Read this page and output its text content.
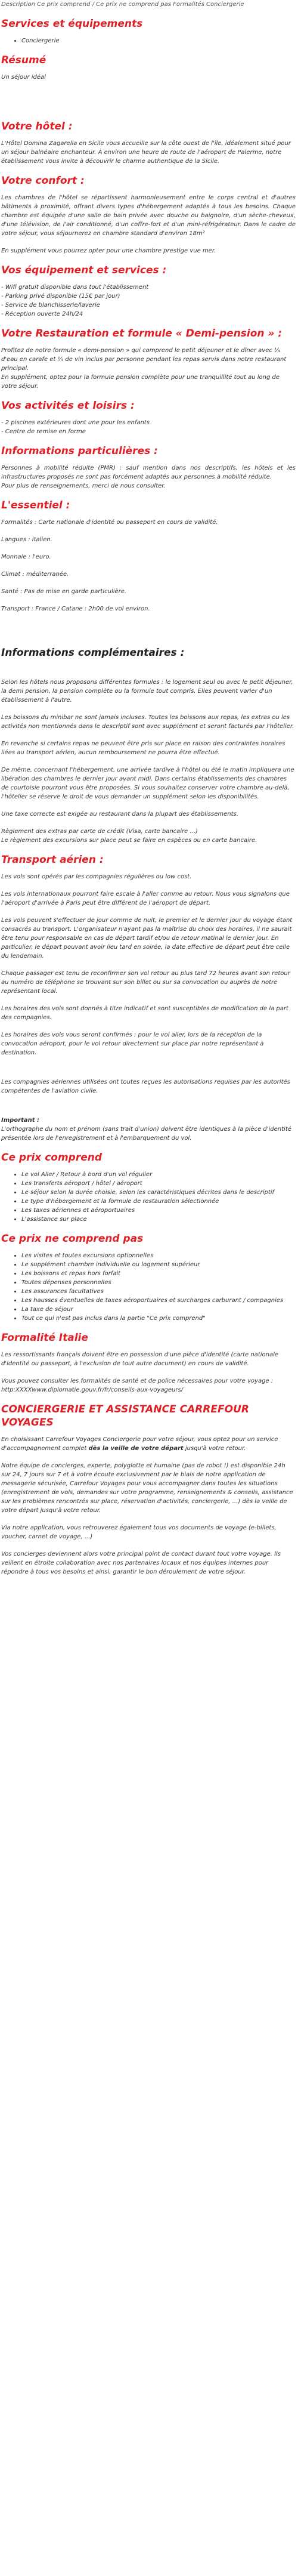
Description Ce prix comprend / Ce prix ne comprend pas Formalités Conciergerie

Services et équipements
• Conciergerie
Résumé

Un séjour idéal

Votre hôtel :

L'Hôtel Domina Zagarella en Sicile vous accueille sur la côte ouest de l'île, idéalement situé pour un séjour balnéaire enchanteur. À environ une heure de route de l'aéroport de Palerme, notre établissement vous invite à découvrir le charme authentique de la Sicile.

Votre confort :

Les chambres de l'hôtel se répartissent harmonieusement entre le corps central et d'autres bâtiments à proximité, offrant divers types d'hébergement adaptés à tous les besoins. Chaque chambre est équipée d'une salle de bain privée avec douche ou baignoire, d'un sèche-cheveux, d'une télévision, de l'air conditionné, d'un coffre-fort et d'un mini-réfrigérateur. Dans le cadre de votre séjour, vous séjournerez en chambre standard d'environ 18m²

En supplément vous pourrez opter pour une chambre prestige vue mer.

Vos équipement et services :

- Wifi gratuit disponible dans tout l'établissement
- Parking privé disponible (15€ par jour)
- Service de blanchisserie/laverie
- Réception ouverte 24h/24

Votre Restauration et formule « Demi-pension » :

Profitez de notre formule « demi-pension » qui comprend le petit déjeuner et le dîner avec ¼ d'eau en carafe et ¼ de vin inclus par personne pendant les repas servis dans notre restaurant principal.
En supplément, optez pour la formule pension complète pour une tranquillité tout au long de votre séjour.

Vos activités et loisirs :

- 2 piscines extérieures dont une pour les enfants
- Centre de remise en forme

Informations particulières :

Personnes à mobilité réduite (PMR) : sauf mention dans nos descriptifs, les hôtels et les infrastructures proposés ne sont pas forcément adaptés aux personnes à mobilité réduite.
Pour plus de renseignements, merci de nous consulter.

L'essentiel :

Formalités : Carte nationale d'identité ou passeport en cours de validité.

Langues : italien.

Monnaie : l'euro.

Climat : méditerranée.

Santé : Pas de mise en garde particulière.

Transport : France / Catane : 2h00 de vol environ.

Informations complémentaires :

Selon les hôtels nous proposons différentes formules : le logement seul ou avec le petit déjeuner, la demi pension, la pension complète ou la formule tout compris. Elles peuvent varier d'un établissement à l'autre.

Les boissons du minibar ne sont jamais incluses. Toutes les boissons aux repas, les extras ou les activités non mentionnés dans le descriptif sont avec supplément et seront facturés par l'hôtelier.

En revanche si certains repas ne peuvent être pris sur place en raison des contraintes horaires liées au transport aérien, aucun remboursement ne pourra être effectué.

De même, concernant l'hébergement, une arrivée tardive à l'hôtel ou été le matin impliquera une libération des chambres le dernier jour avant midi. Dans certains établissements des chambres de courtoisie pourront vous être proposées. Si vous souhaitez conserver votre chambre au-delà, l'hôtelier se réserve le droit de vous demander un supplément selon les disponibilités.

Une taxe correcte est exigée au restaurant dans la plupart des établissements.

Règlement des extras par carte de crédit (Visa, carte bancaire ...)
Le règlement des excursions sur place peut se faire en espèces ou en carte bancaire.

Transport aérien :

Les vols sont opérés par les compagnies régulières ou low cost.

Les vols internationaux pourront faire escale à l'aller comme au retour. Nous vous signalons que l'aéroport d'arrivée à Paris peut être différent de l'aéroport de départ.

Les vols peuvent s'effectuer de jour comme de nuit, le premier et le dernier jour du voyage étant consacrés au transport. L'organisateur n'ayant pas la maîtrise du choix des horaires, il ne saurait être tenu pour responsable en cas de départ tardif et/ou de retour matinal le dernier jour. En particulier, le départ pouvant avoir lieu tard en soirée, la date effective de départ peut être celle du lendemain.

Chaque passager est tenu de reconfirmer son vol retour au plus tard 72 heures avant son retour au numéro de téléphone se trouvant sur son billet ou sur sa convocation ou auprès de notre représentant local.

Les horaires des vols sont donnés à titre indicatif et sont susceptibles de modification de la part des compagnies.

Les horaires des vols vous seront confirmés : pour le vol aller, lors de la réception de la convocation aéroport, pour le vol retour directement sur place par notre représentant à destination.

Les compagnies aériennes utilisées ont toutes reçues les autorisations requises par les autorités compétentes de l'aviation civile.

Important :
L'orthographe du nom et prénom (sans trait d'union) doivent être identiques à la pièce d'identité présentée lors de l'enregistrement et à l'embarquement du vol.

Ce prix comprend
• Le vol Aller / Retour à bord d'un vol régulier
• Les transferts aéroport / hôtel / aéroport
• Le séjour selon la durée choisie, selon les caractéristiques décrites dans le descriptif
• Le type d'hébergement et la formule de restauration sélectionnée
• Les taxes aériennes et aéroportuaires
• L'assistance sur place
Ce prix ne comprend pas
• Les visites et toutes excursions optionnelles
• Le supplément chambre individuelle ou logement supérieur
• Les boissons et repas hors forfait
• Toutes dépenses personnelles
• Les assurances facultatives
• Les hausses éventuelles de taxes aéroportuaires et surcharges carburant / compagnies
• La taxe de séjour
• Tout ce qui n'est pas inclus dans la partie "Ce prix comprend"
Formalité Italie

Les ressortissants français doivent être en possession d'une pièce d'identité (carte nationale d'identité ou passeport, à l'exclusion de tout autre document) en cours de validité.

Vous pouvez consulter les formalités de santé et de police nécessaires pour votre voyage : http:XXXXwww.diplomatie.gouv.fr/fr/conseils-aux-voyageurs/

CONCIERGERIE ET ASSISTANCE CARREFOUR VOYAGES

En choisissant Carrefour Voyages Conciergerie pour votre séjour, vous optez pour un service d'accompagnement complet dès la veille de votre départ jusqu'à votre retour.

Notre équipe de concierges, experte, polyglotte et humaine (pas de robot !) est disponible 24h sur 24, 7 jours sur 7 et à votre écoute exclusivement par le biais de notre application de messagerie sécurisée, Carrefour Voyages pour vous accompagner dans toutes les situations (enregistrement de vols, demandes sur votre programme, renseignements & conseils, assistance sur les problèmes rencontrés sur place, réservation d'activités, conciergerie, ...) dès la veille de votre départ jusqu'à votre retour.

Via notre application, vous retrouverez également tous vos documents de voyage (e-billets, voucher, carnet de voyage, ...)

Vos concierges deviennent alors votre principal point de contact durant tout votre voyage. Ils veillent en étroite collaboration avec nos partenaires locaux et nos équipes internes pour répondre à tous vos besoins et ainsi, garantir le bon déroulement de votre séjour.
